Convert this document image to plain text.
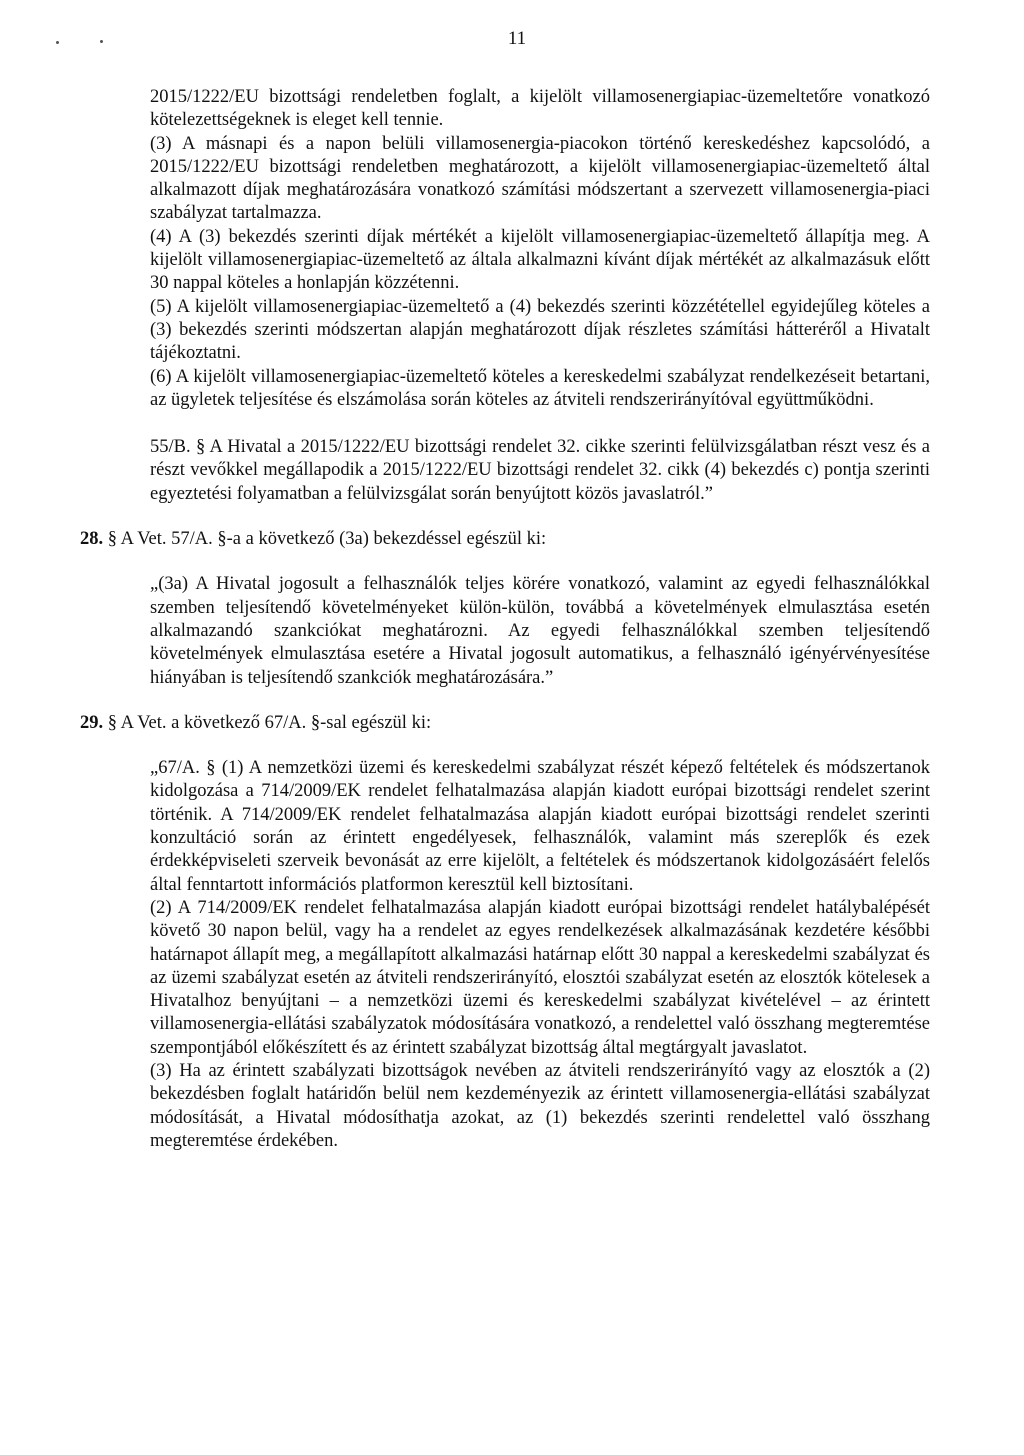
11

2015/1222/EU bizottsági rendeletben foglalt, a kijelölt villamosenergiapiac-üzemeltetőre vonatkozó kötelezettségeknek is eleget kell tennie.

(3) A másnapi és a napon belüli villamosenergia-piacokon történő kereskedéshez kapcsolódó, a 2015/1222/EU bizottsági rendeletben meghatározott, a kijelölt villamosenergiapiac-üzemeltető által alkalmazott díjak meghatározására vonatkozó számítási módszertant a szervezett villamosenergia-piaci szabályzat tartalmazza.

(4) A (3) bekezdés szerinti díjak mértékét a kijelölt villamosenergiapiac-üzemeltető állapítja meg. A kijelölt villamosenergiapiac-üzemeltető az általa alkalmazni kívánt díjak mértékét az alkalmazásuk előtt 30 nappal köteles a honlapján közzétenni.

(5) A kijelölt villamosenergiapiac-üzemeltető a (4) bekezdés szerinti közzététellel egyidejűleg köteles a (3) bekezdés szerinti módszertan alapján meghatározott díjak részletes számítási hátteréről a Hivatalt tájékoztatni.

(6) A kijelölt villamosenergiapiac-üzemeltető köteles a kereskedelmi szabályzat rendelkezéseit betartani, az ügyletek teljesítése és elszámolása során köteles az átviteli rendszerirányítóval együttműködni.

55/B. § A Hivatal a 2015/1222/EU bizottsági rendelet 32. cikke szerinti felülvizsgálatban részt vesz és a részt vevőkkel megállapodik a 2015/1222/EU bizottsági rendelet 32. cikk (4) bekezdés c) pontja szerinti egyeztetési folyamatban a felülvizsgálat során benyújtott közös javaslatról.”

28. § A Vet. 57/A. §-a a következő (3a) bekezdéssel egészül ki:

„(3a) A Hivatal jogosult a felhasználók teljes körére vonatkozó, valamint az egyedi felhasználókkal szemben teljesítendő követelményeket külön-külön, továbbá a követelmények elmulasztása esetén alkalmazandó szankciókat meghatározni. Az egyedi felhasználókkal szemben teljesítendő követelmények elmulasztása esetére a Hivatal jogosult automatikus, a felhasználó igényérvényesítése hiányában is teljesítendő szankciók meghatározására.”

29. § A Vet. a következő 67/A. §-sal egészül ki:

„67/A. § (1) A nemzetközi üzemi és kereskedelmi szabályzat részét képező feltételek és módszertanok kidolgozása a 714/2009/EK rendelet felhatalmazása alapján kiadott európai bizottsági rendelet szerint történik. A 714/2009/EK rendelet felhatalmazása alapján kiadott európai bizottsági rendelet szerinti konzultáció során az érintett engedélyesek, felhasználók, valamint más szereplők és ezek érdekképviseleti szerveik bevonását az erre kijelölt, a feltételek és módszertanok kidolgozásáért felelős által fenntartott információs platformon keresztül kell biztosítani.

(2) A 714/2009/EK rendelet felhatalmazása alapján kiadott európai bizottsági rendelet hatálybalépését követő 30 napon belül, vagy ha a rendelet az egyes rendelkezések alkalmazásának kezdetére későbbi határnapot állapít meg, a megállapított alkalmazási határnap előtt 30 nappal a kereskedelmi szabályzat és az üzemi szabályzat esetén az átviteli rendszerirányító, elosztói szabályzat esetén az elosztók kötelesek a Hivatalhoz benyújtani – a nemzetközi üzemi és kereskedelmi szabályzat kivételével – az érintett villamosenergia-ellátási szabályzatok módosítására vonatkozó, a rendelettel való összhang megteremtése szempontjából előkészített és az érintett szabályzat bizottság által megtárgyalt javaslatot.

(3) Ha az érintett szabályzati bizottságok nevében az átviteli rendszerirányító vagy az elosztók a (2) bekezdésben foglalt határidőn belül nem kezdeményezik az érintett villamosenergia-ellátási szabályzat módosítását, a Hivatal módosíthatja azokat, az (1) bekezdés szerinti rendelettel való összhang megteremtése érdekében.
